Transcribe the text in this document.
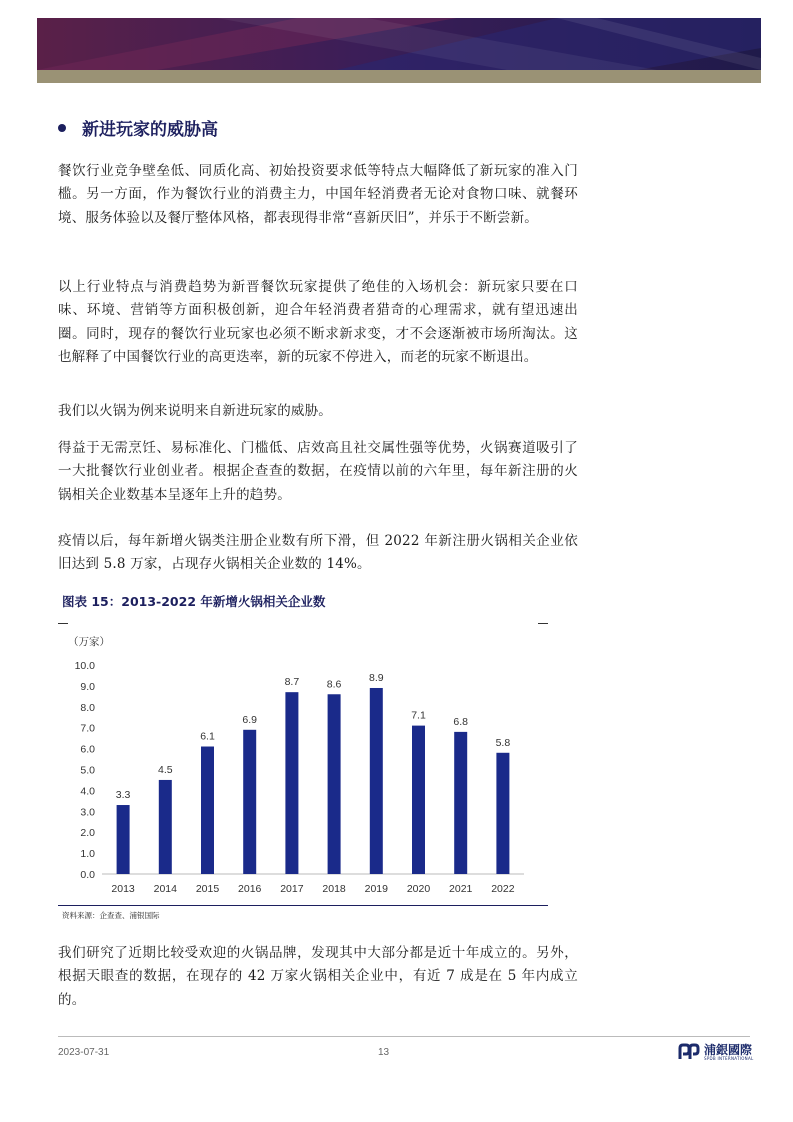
新进玩家的威胁高

餐饮行业竞争壁垒低、同质化高、初始投资要求低等特点大幅降低了新玩家的准入门槛。另一方面，作为餐饮行业的消费主力，中国年轻消费者无论对食物口味、就餐环境、服务体验以及餐厅整体风格，都表现得非常“喜新厌旧”，并乐于不断尝新。

以上行业特点与消费趋势为新晋餐饮玩家提供了绝佳的入场机会：新玩家只要在口味、环境、营销等方面积极创新，迎合年轻消费者猎奇的心理需求，就有望迅速出圈。同时，现存的餐饮行业玩家也必须不断求新求变，才不会逐渐被市场所淘汰。这也解释了中国餐饮行业的高更迭率，新的玩家不停进入，而老的玩家不断退出。

我们以火锅为例来说明来自新进玩家的威胁。

得益于无需烹饪、易标准化、门槛低、店效高且社交属性强等优势，火锅赛道吸引了一大批餐饮行业创业者。根据企查查的数据，在疫情以前的六年里，每年新注册的火锅相关企业数基本呈逐年上升的趋势。

疫情以后，每年新增火锅类注册企业数有所下滑，但 2022 年新注册火锅相关企业依旧达到 5.8 万家，占现存火锅相关企业数的 14%。

图表 15：2013-2022 年新增火锅相关企业数
（万家）
0.0
1.0
2.0
3.0
4.0
5.0
6.0
7.0
8.0
9.0
10.0
3.3
2013
4.5
2014
6.1
2015
6.9
2016
8.7
2017
8.6
2018
8.9
2019
7.1
2020
6.8
2021
5.8
2022
资料来源：企查查、浦银国际

我们研究了近期比较受欢迎的火锅品牌，发现其中大部分都是近十年成立的。另外，根据天眼查的数据，在现存的 42 万家火锅相关企业中，有近 7 成是在 5 年内成立的。

2023-07-31	13	浦銀國際
SPDB INTERNATIONAL
